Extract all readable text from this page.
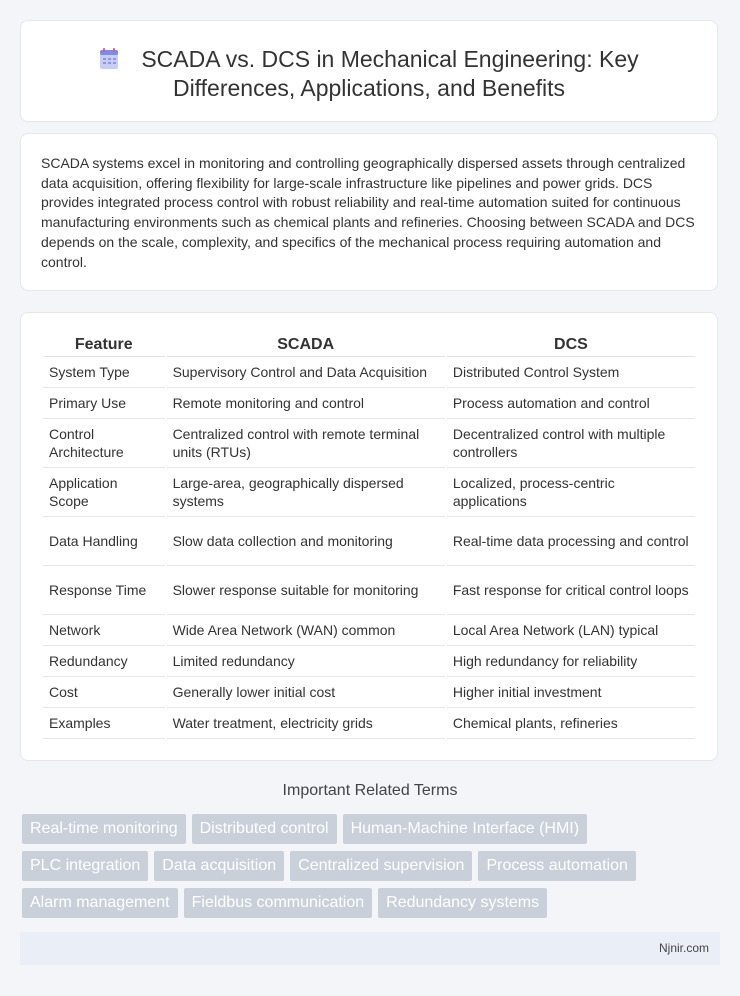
SCADA vs. DCS in Mechanical Engineering: Key
Differences, Applications, and Benefits
SCADA systems excel in monitoring and controlling geographically dispersed assets through centralized data acquisition, offering flexibility for large-scale infrastructure like pipelines and power grids. DCS provides integrated process control with robust reliability and real-time automation suited for continuous manufacturing environments such as chemical plants and refineries. Choosing between SCADA and DCS depends on the scale, complexity, and specifics of the mechanical process requiring automation and control.
Feature	SCADA	DCS
System Type	Supervisory Control and Data Acquisition	Distributed Control System
Primary Use	Remote monitoring and control	Process automation and control
Control Architecture	Centralized control with remote terminal units (RTUs)	Decentralized control with multiple controllers
Application Scope	Large-area, geographically dispersed systems	Localized, process-centric applications
Data Handling	Slow data collection and monitoring	Real-time data processing and control
Response Time	Slower response suitable for monitoring	Fast response for critical control loops
Network	Wide Area Network (WAN) common	Local Area Network (LAN) typical
Redundancy	Limited redundancy	High redundancy for reliability
Cost	Generally lower initial cost	Higher initial investment
Examples	Water treatment, electricity grids	Chemical plants, refineries
Important Related Terms
Real-time monitoring	Distributed control	Human-Machine Interface (HMI)
PLC integration	Data acquisition	Centralized supervision	Process automation
Alarm management	Fieldbus communication	Redundancy systems
Njnir.com
